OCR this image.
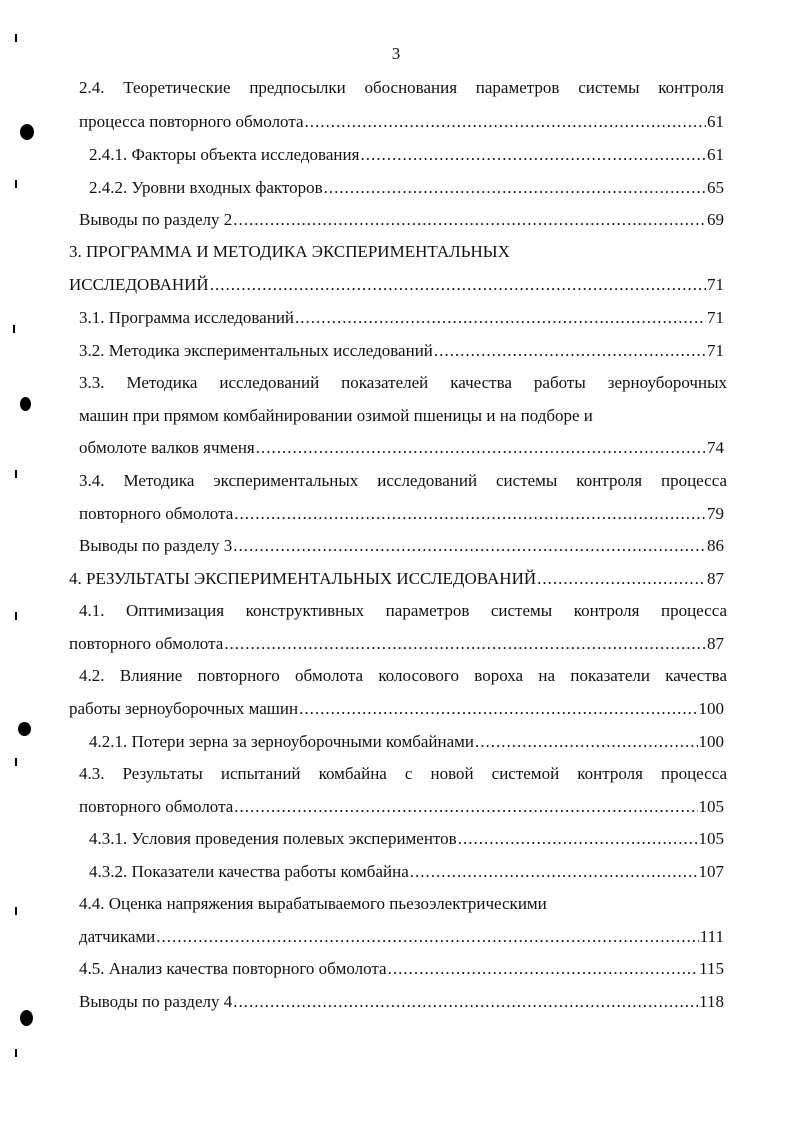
3
2.4. Теоретические предпосылки обоснования параметров системы контроля
процесса повторного обмолота .....	61
2.4.1. Факторы объекта исследования .....	61
2.4.2. Уровни входных факторов .....	65
Выводы по разделу 2 .....	69
3. ПРОГРАММА И МЕТОДИКА ЭКСПЕРИМЕНТАЛЬНЫХ
ИССЛЕДОВАНИЙ .....	71
3.1. Программа исследований .....	71
3.2. Методика экспериментальных исследований .....	71
3.3. Методика исследований показателей качества работы зерноуборочных
машин при прямом комбайнировании озимой пшеницы и на подборе и
обмолоте валков ячменя .....	74
3.4. Методика экспериментальных исследований системы контроля процесса
повторного обмолота .....	79
Выводы по разделу 3 .....	86
4. РЕЗУЛЬТАТЫ ЭКСПЕРИМЕНТАЛЬНЫХ ИССЛЕДОВАНИЙ .....	87
4.1. Оптимизация конструктивных параметров системы контроля процесса
повторного обмолота .....	87
4.2. Влияние повторного обмолота колосового вороха на показатели качества
работы зерноуборочных машин .....	100
4.2.1. Потери зерна за зерноуборочными комбайнами .....	100
4.3. Результаты испытаний комбайна с новой системой контроля процесса
повторного обмолота .....	105
4.3.1. Условия проведения полевых экспериментов .....	105
4.3.2. Показатели качества работы комбайна .....	107
4.4. Оценка напряжения вырабатываемого пьезоэлектрическими
датчиками .....	111
4.5. Анализ качества повторного обмолота .....	115
Выводы по разделу 4 .....	118
